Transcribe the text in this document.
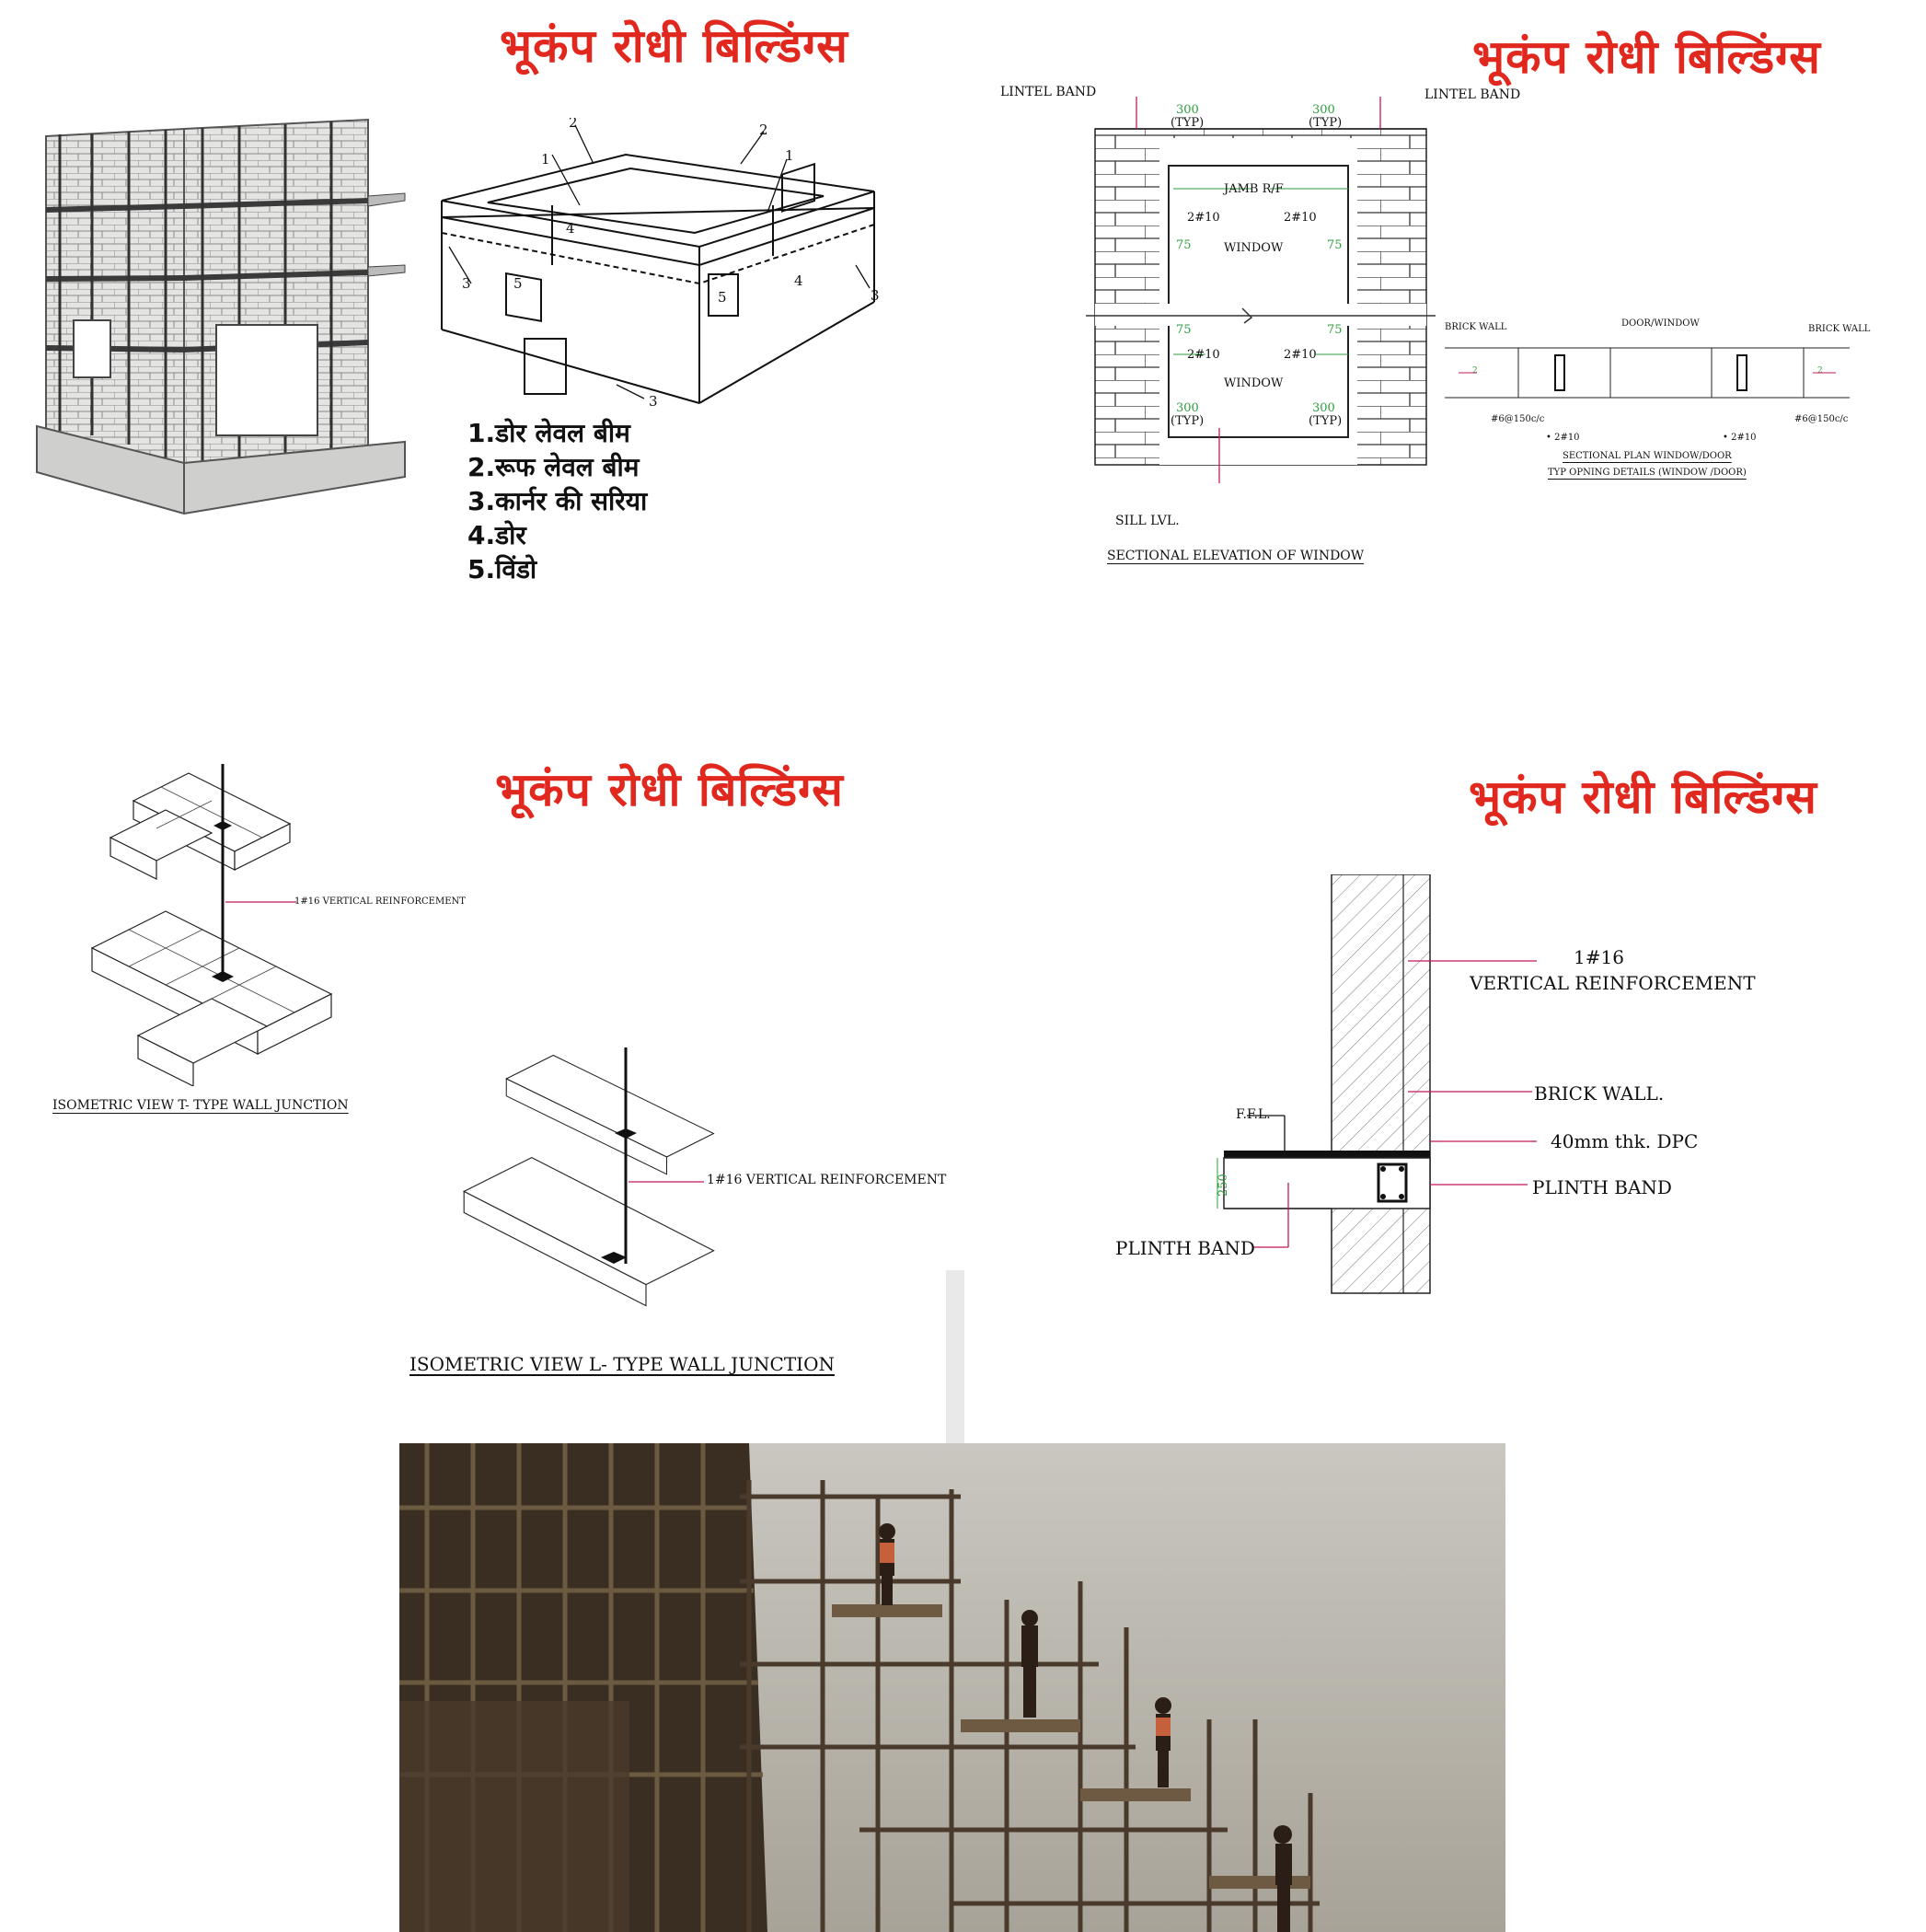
भूकंप रोधी बिल्डिंग्स
1
2	2
1
3
3
3
4
5
5
4
1.डोर लेवल बीम
2.रूफ लेवल बीम
3.कार्नर की सरिया
4.डोर
5.विंडो
भूकंप रोधी बिल्डिंग्स
300
(TYP)
300
(TYP)
JAMB R/F
2#10	2#10
WINDOW
75	75
75	75
2#10	2#10
WINDOW
300
(TYP)
300
(TYP)
LINTEL BAND	LINTEL BAND
SILL LVL.
SECTIONAL ELEVATION OF WINDOW
2	2
BRICK WALL	DOOR/WINDOW
BRICK WALL
#6@150c/c	#6@150c/c
• 2#10	• 2#10
SECTIONAL PLAN WINDOW/DOOR
TYP OPNING DETAILS (WINDOW /DOOR)
भूकंप रोधी बिल्डिंग्स
1#16 VERTICAL REINFORCEMENT
ISOMETRIC VIEW T- TYPE WALL JUNCTION
1#16 VERTICAL REINFORCEMENT
ISOMETRIC VIEW L- TYPE WALL JUNCTION
भूकंप रोधी बिल्डिंग्स
250
1#16
VERTICAL REINFORCEMENT
BRICK WALL.
40mm thk. DPC
PLINTH BAND
PLINTH BAND
F.F.L.
